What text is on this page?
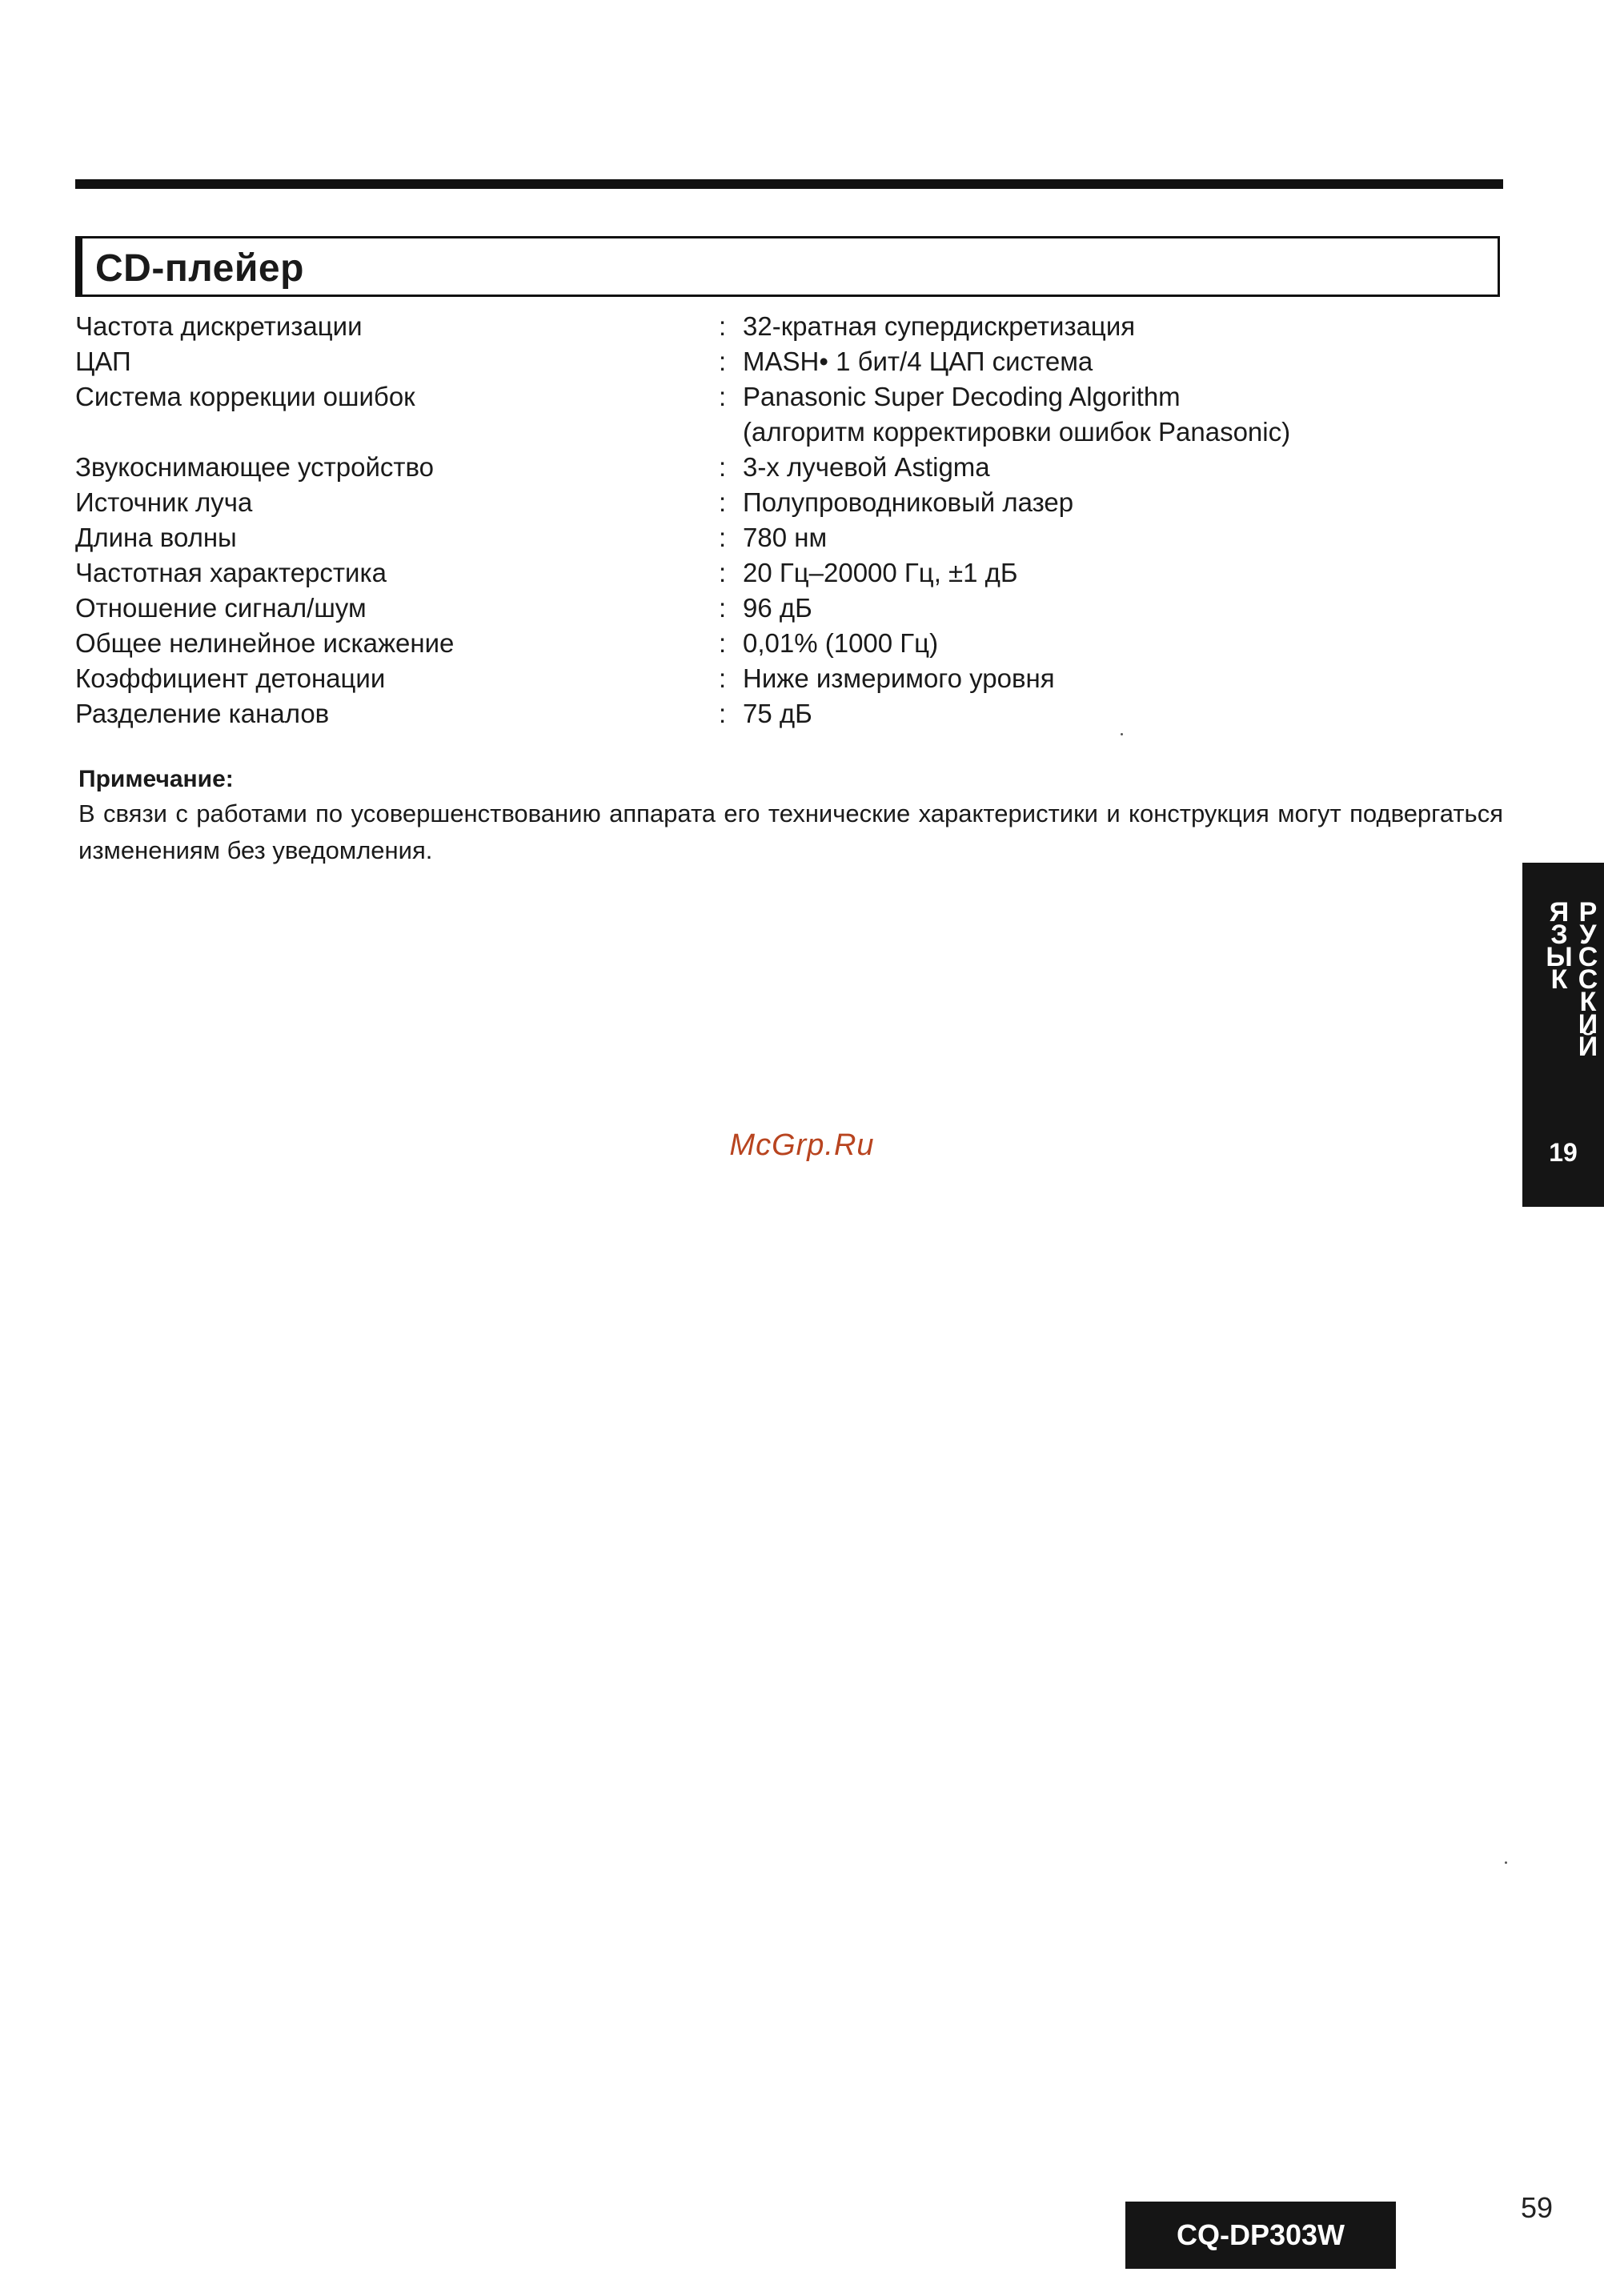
CD-плейер
Частота дискретизации	: 32-кратная супердискретизация
ЦАП	: MASH• 1 бит/4 ЦАП система
Система коррекции ошибок	: Panasonic Super Decoding Algorithm
(алгоритм корректировки ошибок Panasonic)
Звукоснимающее устройство	: 3-х лучевой Astigma
Источник луча	: Полупроводниковый лазер
Длина волны	: 780 нм
Частотная характерстика	: 20 Гц–20000 Гц, ±1 дБ
Отношение сигнал/шум	: 96 дБ
Общее нелинейное искажение	: 0,01% (1000 Гц)
Коэффициент детонации	: Ниже измеримого уровня
Разделение каналов	: 75 дБ
Примечание:
В связи с работами по усовершенствованию аппарата его технические характеристики и конструкция могут подвергаться изменениям без уведомления.
McGrp.Ru
ЯЗЫК
РУССКИЙ
19
CQ-DP303W
59
